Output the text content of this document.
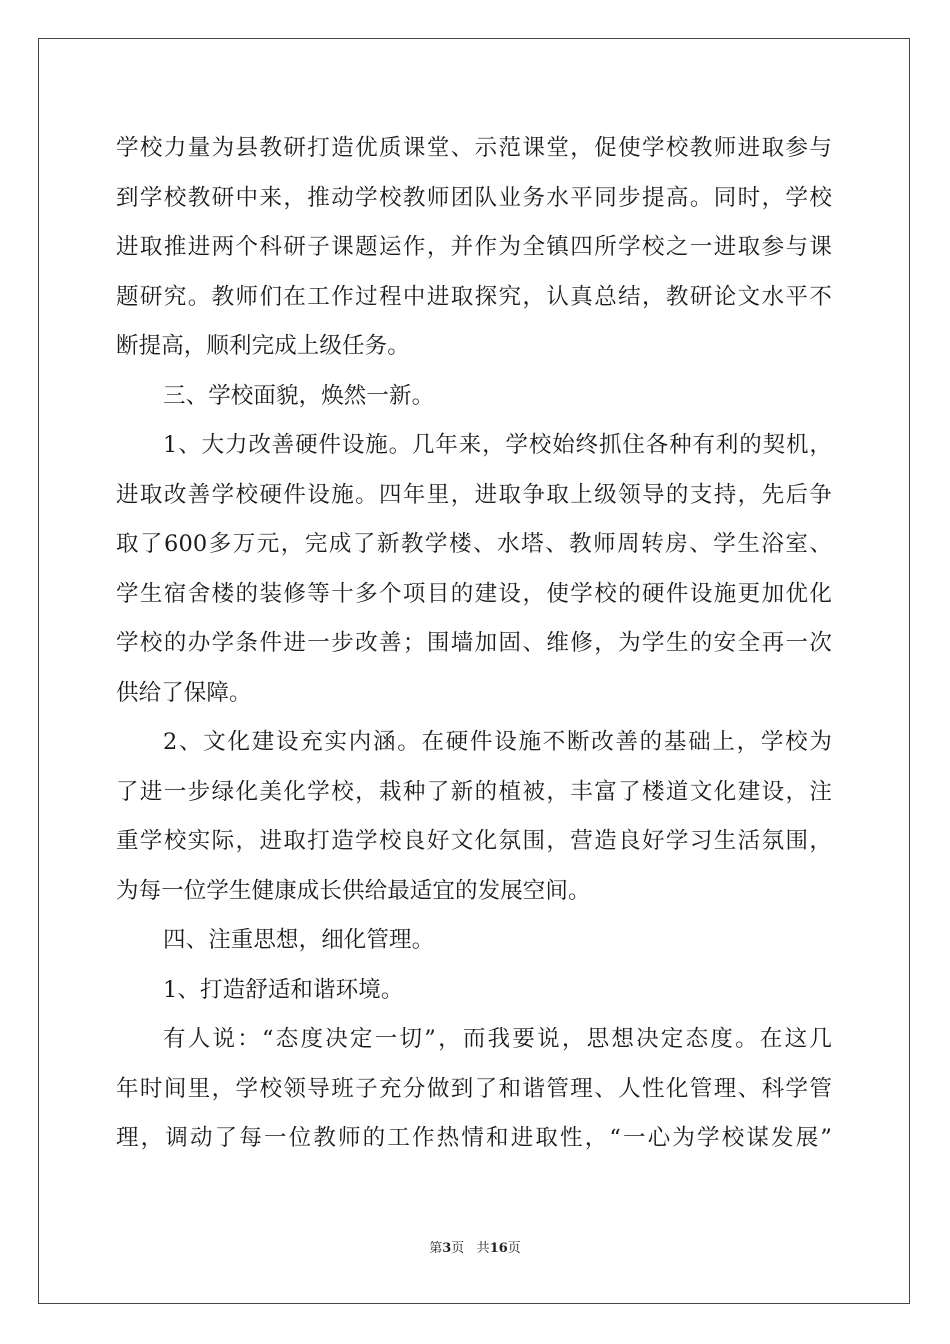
学校力量为县教研打造优质课堂、示范课堂，促使学校教师进取参与
到学校教研中来，推动学校教师团队业务水平同步提高。同时，学校
进取推进两个科研子课题运作，并作为全镇四所学校之一进取参与课
题研究。教师们在工作过程中进取探究，认真总结，教研论文水平不
断提高，顺利完成上级任务。
三、学校面貌，焕然一新。
1、大力改善硬件设施。几年来，学校始终抓住各种有利的契机，
进取改善学校硬件设施。四年里，进取争取上级领导的支持，先后争
取了600多万元，完成了新教学楼、水塔、教师周转房、学生浴室、
学生宿舍楼的装修等十多个项目的建设，使学校的硬件设施更加优化
学校的办学条件进一步改善；围墙加固、维修，为学生的安全再一次
供给了保障。
2、文化建设充实内涵。在硬件设施不断改善的基础上，学校为
了进一步绿化美化学校，栽种了新的植被，丰富了楼道文化建设，注
重学校实际，进取打造学校良好文化氛围，营造良好学习生活氛围，
为每一位学生健康成长供给最适宜的发展空间。
四、注重思想，细化管理。
1、打造舒适和谐环境。
有人说：“态度决定一切”，而我要说，思想决定态度。在这几
年时间里，学校领导班子充分做到了和谐管理、人性化管理、科学管
理，调动了每一位教师的工作热情和进取性，“一心为学校谋发展”
第3页 共16页
